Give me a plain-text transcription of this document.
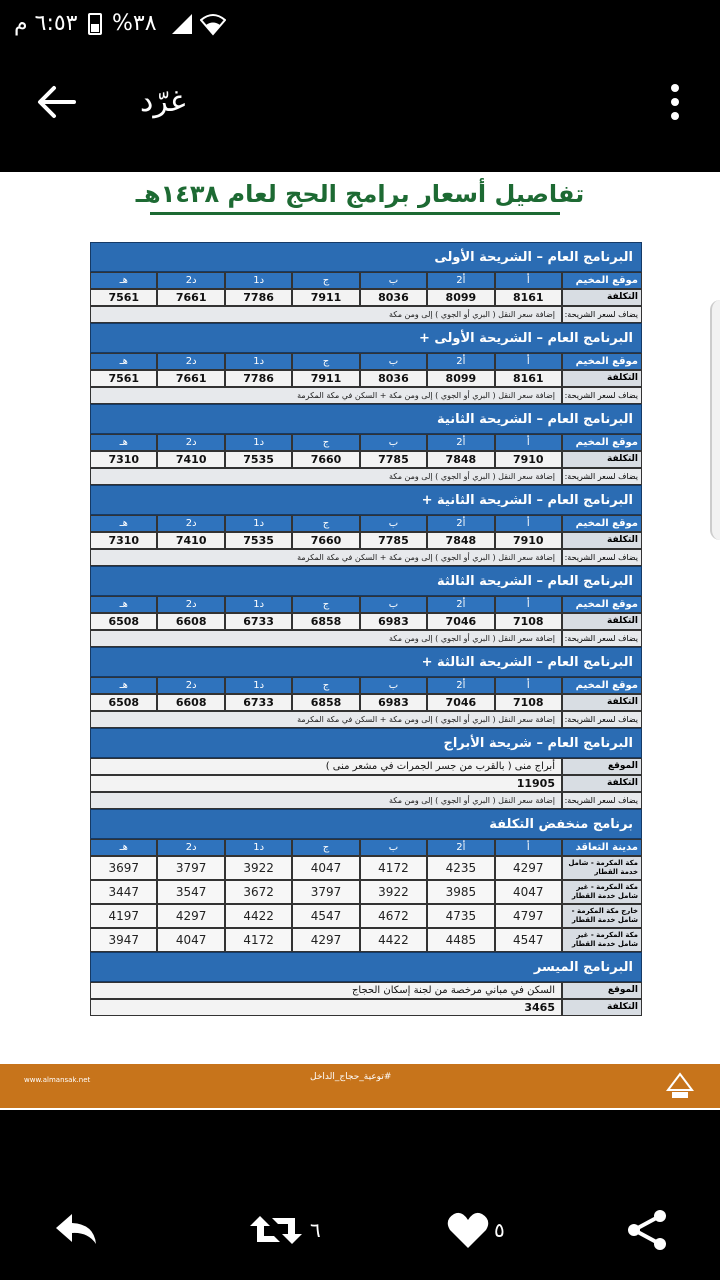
٦:٥٣ م %٣٨
غرّد
تفاصيل أسعار برامج الحج لعام ١٤٣٨هـ
البرنامج العام – الشريحة الأولى
موقع المخيم
أ
أ2
ب
ج
د1
د2
هـ
التكلفة
8161
8099
8036
7911
7786
7661
7561
يضاف لسعر الشريحة:
إضافة سعر النقل ( البري أو الجوي ) إلى ومن مكة
البرنامج العام – الشريحة الأولى +
موقع المخيم
أ
أ2
ب
ج
د1
د2
هـ
التكلفة
8161
8099
8036
7911
7786
7661
7561
يضاف لسعر الشريحة:
إضافة سعر النقل ( البري أو الجوي ) إلى ومن مكة + السكن في مكة المكرمة
البرنامج العام – الشريحة الثانية
موقع المخيم
أ
أ2
ب
ج
د1
د2
هـ
التكلفة
7910
7848
7785
7660
7535
7410
7310
يضاف لسعر الشريحة:
إضافة سعر النقل ( البري أو الجوي ) إلى ومن مكة
البرنامج العام – الشريحة الثانية +
موقع المخيم
أ
أ2
ب
ج
د1
د2
هـ
التكلفة
7910
7848
7785
7660
7535
7410
7310
يضاف لسعر الشريحة:
إضافة سعر النقل ( البري أو الجوي ) إلى ومن مكة + السكن في مكة المكرمة
البرنامج العام – الشريحة الثالثة
موقع المخيم
أ
أ2
ب
ج
د1
د2
هـ
التكلفة
7108
7046
6983
6858
6733
6608
6508
يضاف لسعر الشريحة:
إضافة سعر النقل ( البري أو الجوي ) إلى ومن مكة
البرنامج العام – الشريحة الثالثة +
موقع المخيم
أ
أ2
ب
ج
د1
د2
هـ
التكلفة
7108
7046
6983
6858
6733
6608
6508
يضاف لسعر الشريحة:
إضافة سعر النقل ( البري أو الجوي ) إلى ومن مكة + السكن في مكة المكرمة
البرنامج العام – شريحة الأبراج
الموقع
أبراج منى ( بالقرب من جسر الجمرات في مشعر منى )
التكلفة
11905
يضاف لسعر الشريحة:
إضافة سعر النقل ( البري أو الجوي ) إلى ومن مكة
برنامج منخفض التكلفة
مدينة التعاقد
أ
أ2
ب
ج
د1
د2
هـ
مكة المكرمة - شامل خدمة القطار
4297
4235
4172
4047
3922
3797
3697
مكة المكرمة - غير شامل خدمة القطار
4047
3985
3922
3797
3672
3547
3447
خارج مكة المكرمة - شامل خدمة القطار
4797
4735
4672
4547
4422
4297
4197
مكة المكرمة - غير شامل خدمة القطار
4547
4485
4422
4297
4172
4047
3947
البرنامج الميسر
الموقع
السكن في مباني مرخصة من لجنة إسكان الحجاج
التكلفة
3465
www.almansak.net	#توعية_حجاج_الداخل
٦	٥
